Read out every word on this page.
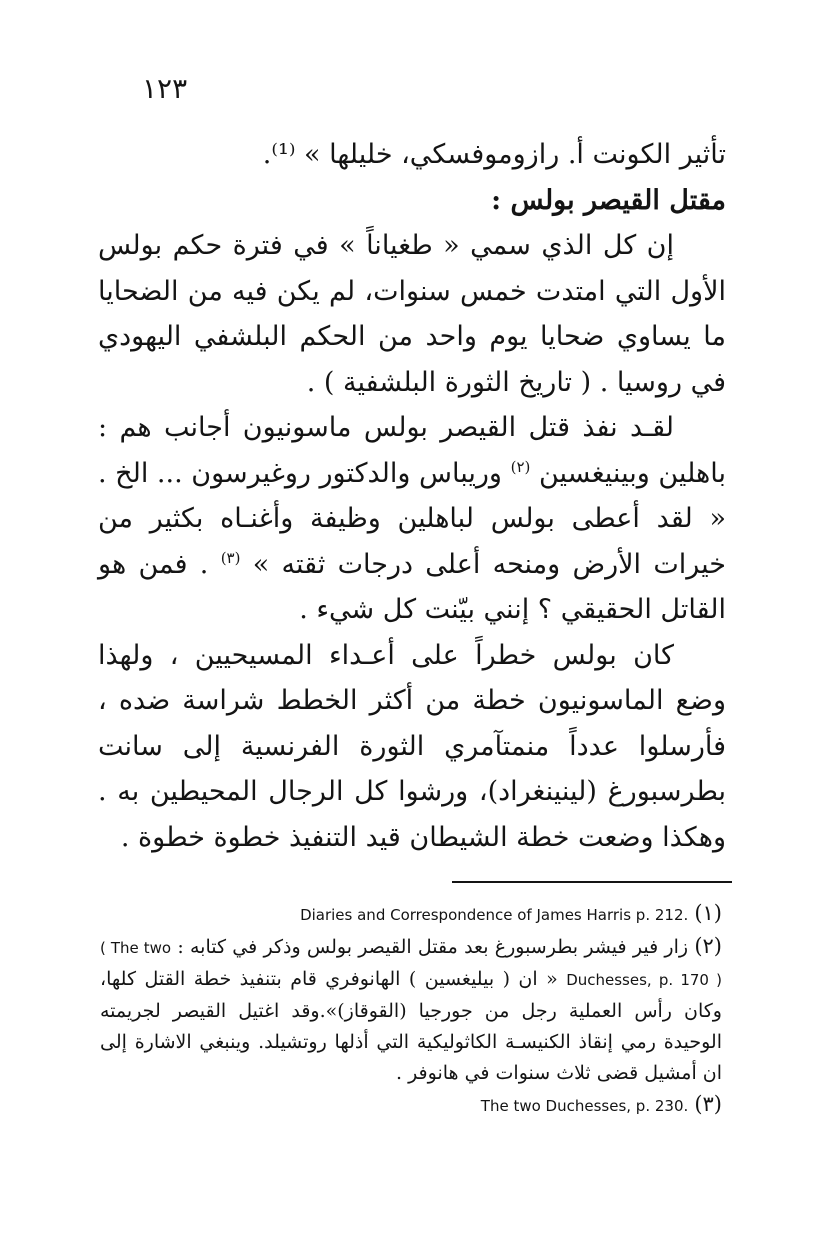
١٢٣

تأثير الكونت أ. رازوموفسكي، خليلها » ⁽¹⁾.

مقتل القيصر بولس :

إن كل الذي سمي « طغياناً » في فترة حكم بولس الأول التي امتدت خمس سنوات، لم يكن فيه من الضحايا ما يساوي ضحايا يوم واحد من الحكم البلشفي اليهودي في روسيا . ( تاريخ الثورة البلشفية ) .

لقـد نفذ قتل القيصر بولس ماسونيون أجانب هم : باهلين وبينيغسين $^{(٢)}$ وريباس والدكتور روغيرسون ... الخ . « لقد أعطى بولس لباهلين وظيفة وأغنـاه بكثير من خيرات الأرض ومنحه أعلى درجات ثقته » $^{(٣)}$ . فمن هو القاتل الحقيقي ؟ إنني بيّنت كل شيء .

كان بولس خطراً على أعـداء المسيحيين ، ولهذا وضع الماسونيون خطة من أكثر الخطط شراسة ضده ، فأرسلوا عدداً منمتآمري الثورة الفرنسية إلى سانت بطرسبورغ (لينينغراد)، ورشوا كل الرجال المحيطين به . وهكذا وضعت خطة الشيطان قيد التنفيذ خطوة خطوة .

(١) Diaries and Correspondence of James Harris p. 212.

(٢) زار فير فيشر بطرسبورغ بعد مقتل القيصر بولس وذكر في كتابه : ( The two Duchesses, p. 170 ) « ان ( بيليغسين ) الهانوفري قام بتنفيذ خطة القتل كلها، وكان رأس العملية رجل من جورجيا (القوقاز)».وقد اغتيل القيصر لجريمته الوحيدة رمي إنقاذ الكنيسـة الكاثوليكية التي أذلها روتشيلد. وينبغي الاشارة إلى ان أمشيل قضى ثلاث سنوات في هانوفر .

(٣) The two Duchesses, p. 230.
